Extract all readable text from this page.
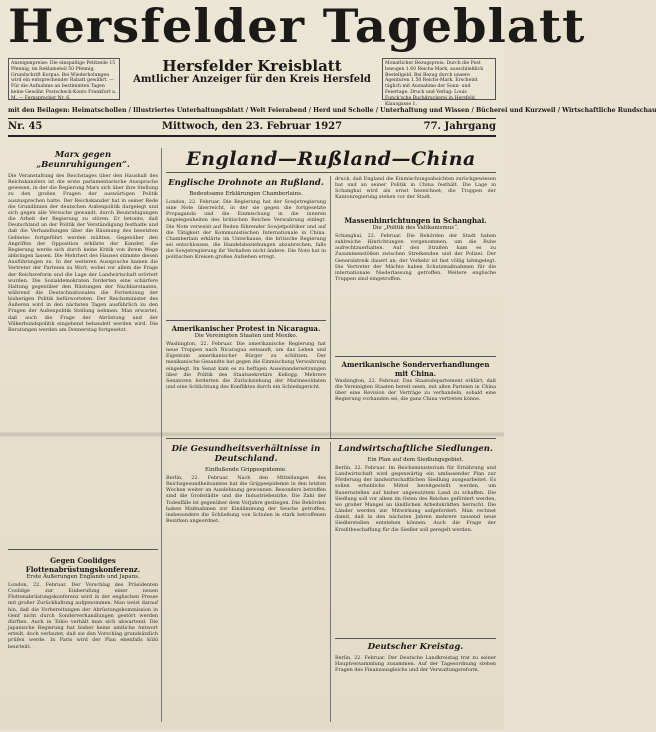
Hersfelder Tageblatt
Anzeigenpreise: Die einspaltige Petitzeile 15 Pfennig, im Reklameteil 50 Pfennig. Grundschrift Korpus. Bei Wiederholungen wird ein entsprechender Rabatt gewährt. — Für die Aufnahme an bestimmten Tagen keine Gewähr. Postscheck-Konto Frankfurt a. M. — Fernsprecher Nr. 6.
Hersfelder Kreisblatt
Amtlicher Anzeiger für den Kreis Hersfeld
Monatlicher Bezugspreis: Durch die Post bezogen 1.60 Reichs-Mark, ausschließlich Bestellgeld. Bei Bezug durch unsere Agenturen 1.50 Reichs-Mark. Erscheint täglich mit Ausnahme der Sonn- und Feiertage. Druck und Verlag: Louis Funck'sche Buchdruckerei in Hersfeld, Klausgasse 1.
mit den Beilagen: Heimatschollen / Illustriertes Unterhaltungsblatt / Welt Feierabend / Herd und Scholle / Unterhaltung und Wissen / Bücherei und Kurzweil / Wirtschaftliche Rundschau
Nr. 45	Mittwoch, den 23. Februar 1927	77. Jahrgang
Marx gegen „Beunruhigungen“.
Die Veranstaltung des Reichstages über den Haushalt des Reichskanzlers ist die erste parlamentarische Aussprache gewesen, in der die Regierung Marx sich über ihre Stellung zu den großen Fragen der auswärtigen Politik auszusprechen hatte. Der Reichskanzler hat in seiner Rede die Grundlinien der deutschen Außenpolitik dargelegt und sich gegen alle Versuche gewandt, durch Beunruhigungen die Arbeit der Regierung zu stören. Er betonte, daß Deutschland an der Politik der Verständigung festhalte und daß die Verhandlungen über die Räumung des besetzten Gebietes fortgeführt werden müßten. Gegenüber den Angriffen der Opposition erklärte der Kanzler, die Regierung werde sich durch keine Kritik von ihrem Wege abbringen lassen. Die Mehrheit des Hauses stimmte diesen Ausführungen zu. In der weiteren Aussprache kamen die Vertreter der Parteien zu Wort, wobei vor allem die Frage der Reichsreform und die Lage der Landwirtschaft erörtert wurden. Die Sozialdemokraten forderten eine schärfere Haltung gegenüber den Rüstungen der Nachbarstaaten, während die Deutschnationalen die Fortsetzung der bisherigen Politik befürworteten. Der Reichsminister des Äußeren wird in den nächsten Tagen ausführlich zu den Fragen der Außenpolitik Stellung nehmen. Man erwartet, daß auch die Frage der Abrüstung und der Völkerbundspolitik eingehend behandelt werden wird. Die Beratungen werden am Donnerstag fortgesetzt.
Gegen Coolidges Flottenabrüstungskonferenz.
Erste Äußerungen Englands und Japans.
London, 22. Februar. Der Vorschlag des Präsidenten Coolidge zur Einberufung einer neuen Flottenabrüstungskonferenz wird in der englischen Presse mit großer Zurückhaltung aufgenommen. Man weist darauf hin, daß die Vorbereitungen der Abrüstungskommission in Genf nicht durch Sonderverhandlungen gestört werden dürften. Auch in Tokio verhält man sich abwartend. Die japanische Regierung hat bisher keine amtliche Antwort erteilt, doch verlautet, daß sie den Vorschlag grundsätzlich prüfen werde. In Paris wird der Plan ebenfalls kühl beurteilt.
England—Rußland—China
Englische Drohnote an Rußland.
Bedeutsame Erklärungen Chamberlains.
London, 22. Februar. Die Regierung hat der Sowjetregierung eine Note überreicht, in der sie gegen die fortgesetzte Propaganda und die Einmischung in die inneren Angelegenheiten des britischen Reiches Verwahrung einlegt. Die Note verweist auf Reden führender Sowjetpolitiker und auf die Tätigkeit der Kommunistischen Internationale in China. Chamberlain erklärte im Unterhause, die britische Regierung sei entschlossen, die Handelsbeziehungen abzubrechen, falls die Sowjetregierung ihr Verhalten nicht ändere. Die Note hat in politischen Kreisen großes Aufsehen erregt.
Amerikanischer Protest in Nicaragua.
Die Vereinigten Staaten und Mexiko.
Washington, 22. Februar. Die amerikanische Regierung hat neue Truppen nach Nicaragua entsandt, um das Leben und Eigentum amerikanischer Bürger zu schützen. Der mexikanische Gesandte hat gegen die Einmischung Verwahrung eingelegt. Im Senat kam es zu heftigen Auseinandersetzungen über die Politik des Staatssekretärs Kellogg. Mehrere Senatoren forderten die Zurückziehung der Marinesoldaten und eine Schlichtung des Konfliktes durch ein Schiedsgericht.
druck, daß England die Einmischungsabsichten zurückgewiesen hat und an seiner Politik in China festhält. Die Lage in Schanghai wird als ernst bezeichnet; die Truppen der Kantonregierung stehen vor der Stadt.
Massenhinrichtungen in Schanghai.
Die „Politik des Vatikanismus“.
Schanghai, 22. Februar. Die Behörden der Stadt haben zahlreiche Hinrichtungen vorgenommen, um die Ruhe aufrechtzuerhalten. Auf den Straßen kam es zu Zusammenstößen zwischen Streikenden und der Polizei. Der Generalstreik dauert an; der Verkehr ist fast völlig lahmgelegt. Die Vertreter der Mächte haben Schutzmaßnahmen für die internationale Niederlassung getroffen. Weitere englische Truppen sind eingetroffen.
Amerikanische Sonderverhandlungen mit China.
Washington, 22. Februar. Das Staatsdepartement erklärt, daß die Vereinigten Staaten bereit seien, mit allen Parteien in China über eine Revision der Verträge zu verhandeln, sobald eine Regierung vorhanden sei, die ganz China vertreten könne.
Die Gesundheitsverhältnisse in Deutschland.
Einflußende Grippeepidemie.
Berlin, 22. Februar. Nach den Mitteilungen des Reichsgesundheitsamtes hat die Grippeepidemie in den letzten Wochen weiter an Ausdehnung gewonnen. Besonders betroffen sind die Großstädte und die Industriebezirke. Die Zahl der Todesfälle ist gegenüber dem Vorjahre gestiegen. Die Behörden haben Maßnahmen zur Eindämmung der Seuche getroffen, insbesondere die Schließung von Schulen in stark betroffenen Bezirken angeordnet.
Landwirtschaftliche Siedlungen.
Ein Plan auf dem Siedlungsgebiet.
Berlin, 22. Februar. Im Reichsministerium für Ernährung und Landwirtschaft wird gegenwärtig ein umfassender Plan zur Förderung der landwirtschaftlichen Siedlung ausgearbeitet. Es sollen erhebliche Mittel bereitgestellt werden, um Bauernstellen auf bisher ungenutztem Land zu schaffen. Die Siedlung soll vor allem im Osten des Reiches gefördert werden, wo großer Mangel an ländlichen Arbeitskräften herrscht. Die Länder werden zur Mitwirkung aufgefordert. Man rechnet damit, daß in den nächsten Jahren mehrere tausend neue Siedlerstellen entstehen können. Auch die Frage der Kreditbeschaffung für die Siedler soll geregelt werden.
Deutscher Kreistag.
Berlin, 22. Februar. Der Deutsche Landkreistag trat zu seiner Hauptversammlung zusammen. Auf der Tagesordnung stehen Fragen des Finanzausgleichs und der Verwaltungsreform.
